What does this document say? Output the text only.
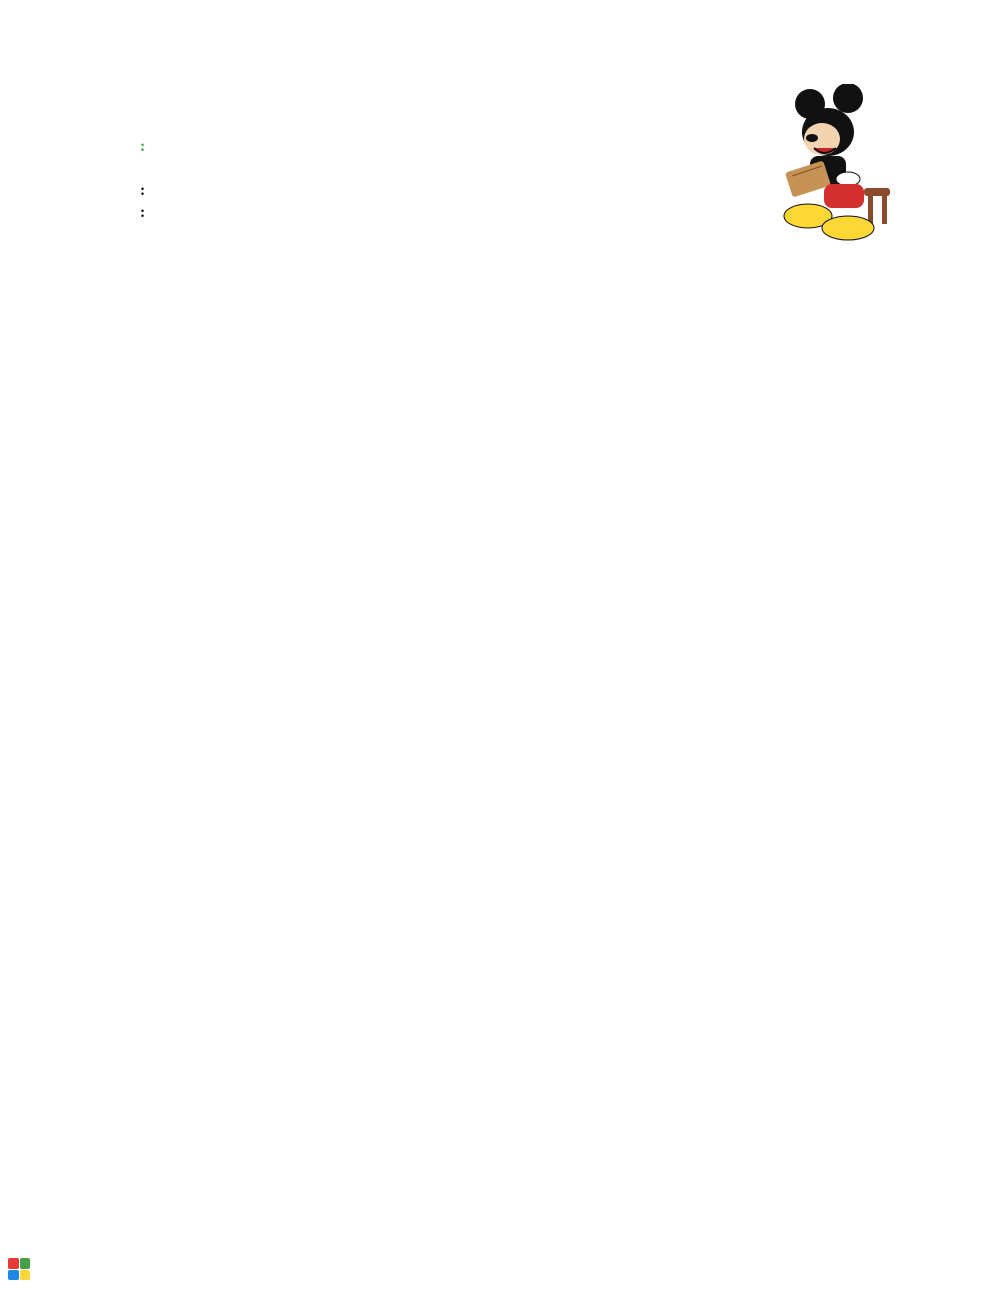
:
:
:
